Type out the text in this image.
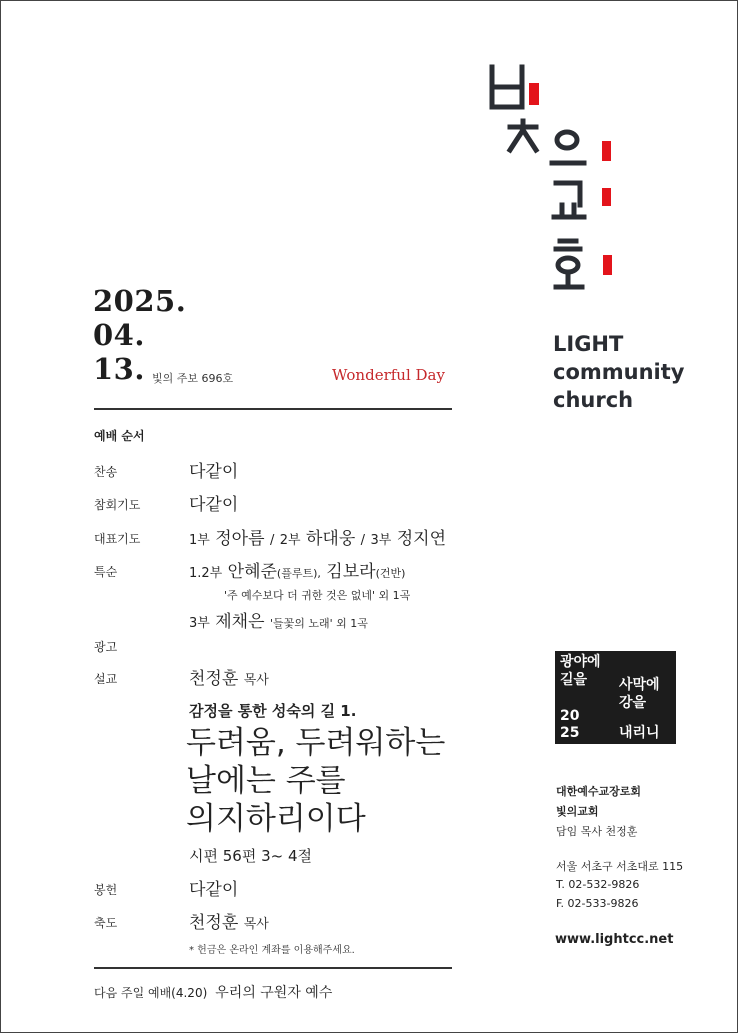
LIGHT
community
church
2025.
04.
13. 빛의 주보 696호	Wonderful Day
예배 순서
찬송	다같이
참회기도	다같이
대표기도	1부 정아름 / 2부 하대웅 / 3부 정지연
특순	1.2부 안혜준(플루트), 김보라(건반)
'주 예수보다 더 귀한 것은 없네' 외 1곡
3부 제채은 '들꽃의 노래' 외 1곡
광고
설교	천정훈 목사
감정을 통한 성숙의 길 1.
두려움, 두려워하는
날에는 주를
의지하리이다
시편 56편 3~ 4절
봉헌	다같이
축도	천정훈 목사
* 헌금은 온라인 계좌를 이용해주세요.
다음 주일 예배(4.20) 우리의 구원자 예수
광야에
길을 사막에
강을
20
25	내리니
대한예수교장로회
빛의교회
담임 목사 천정훈
서울 서초구 서초대로 115
T. 02-532-9826
F. 02-533-9826
www.lightcc.net
